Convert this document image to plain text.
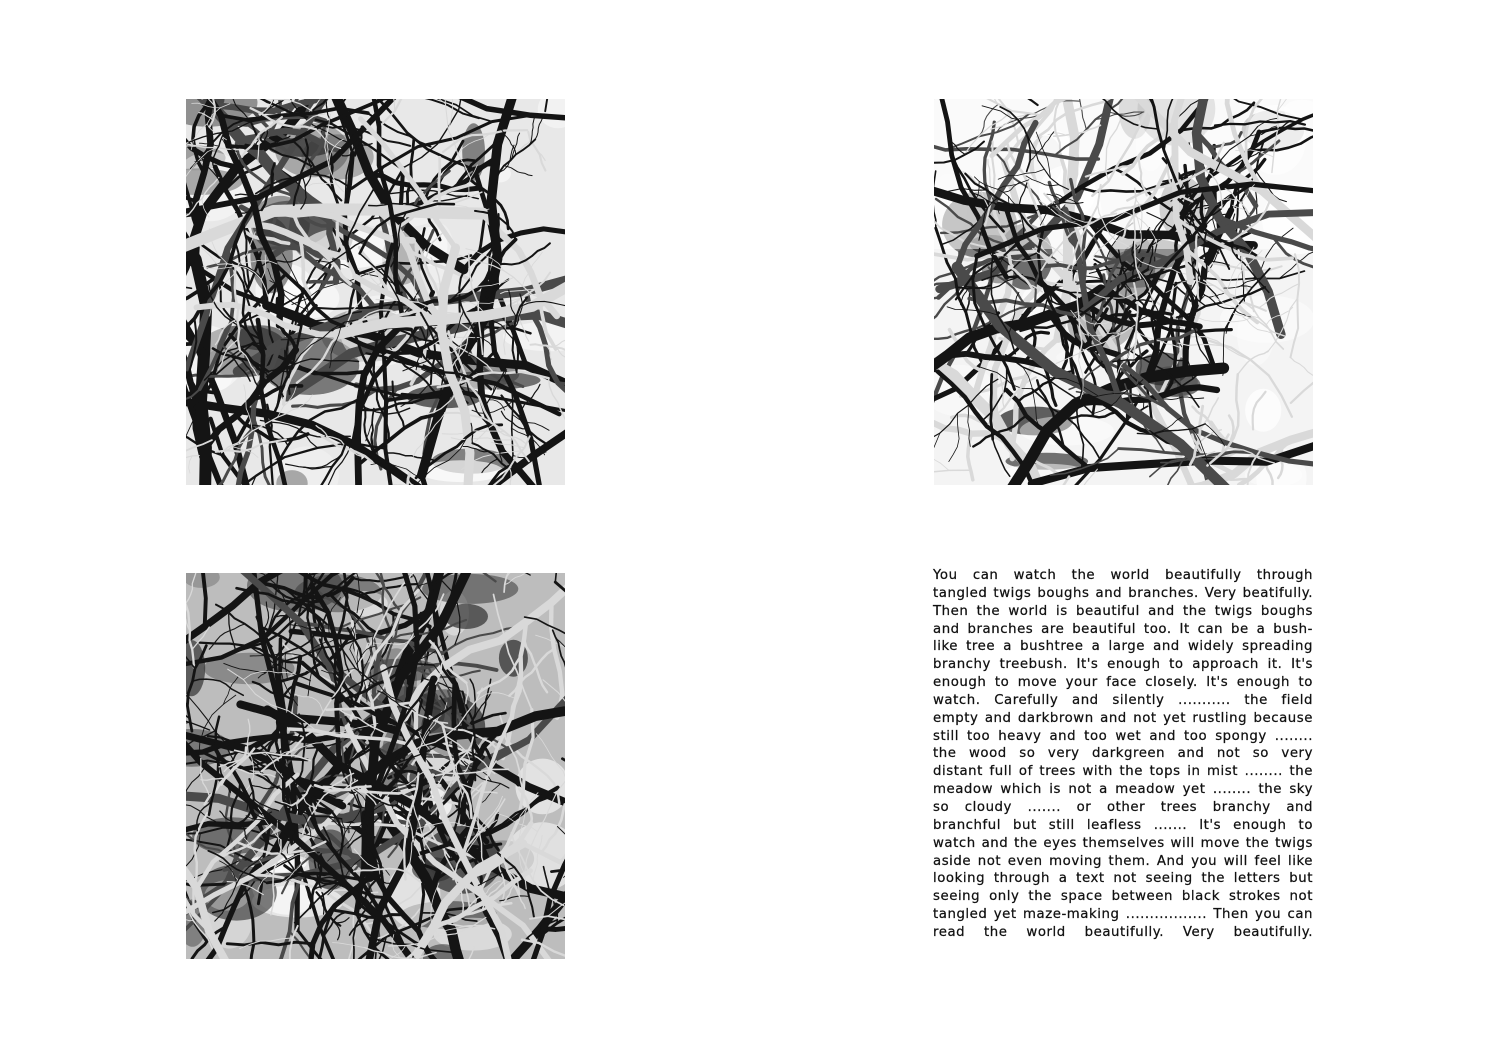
You can watch the world beautifully through tangled twigs boughs and branches. Very beatifully. Then the world is beautiful and the twigs boughs and branches are beautiful too. It can be a bush-like tree a bushtree a large and widely spreading branchy treebush. It's enough to approach it. It's enough to move your face closely. It's enough to watch. Carefully and silently ........... the field empty and darkbrown and not yet rustling because still too heavy and too wet and too spongy ........ the wood so very darkgreen and not so very distant full of trees with the tops in mist ........ the meadow which is not a meadow yet ........ the sky so cloudy ....... or other trees branchy and branchful but still leafless ....... It's enough to watch and the eyes themselves will move the twigs aside not even moving them. And you will feel like looking through a text not seeing the letters but seeing only the space between black strokes not tangled yet maze-making ................. Then you can read the world beautifully. Very beautifully.
